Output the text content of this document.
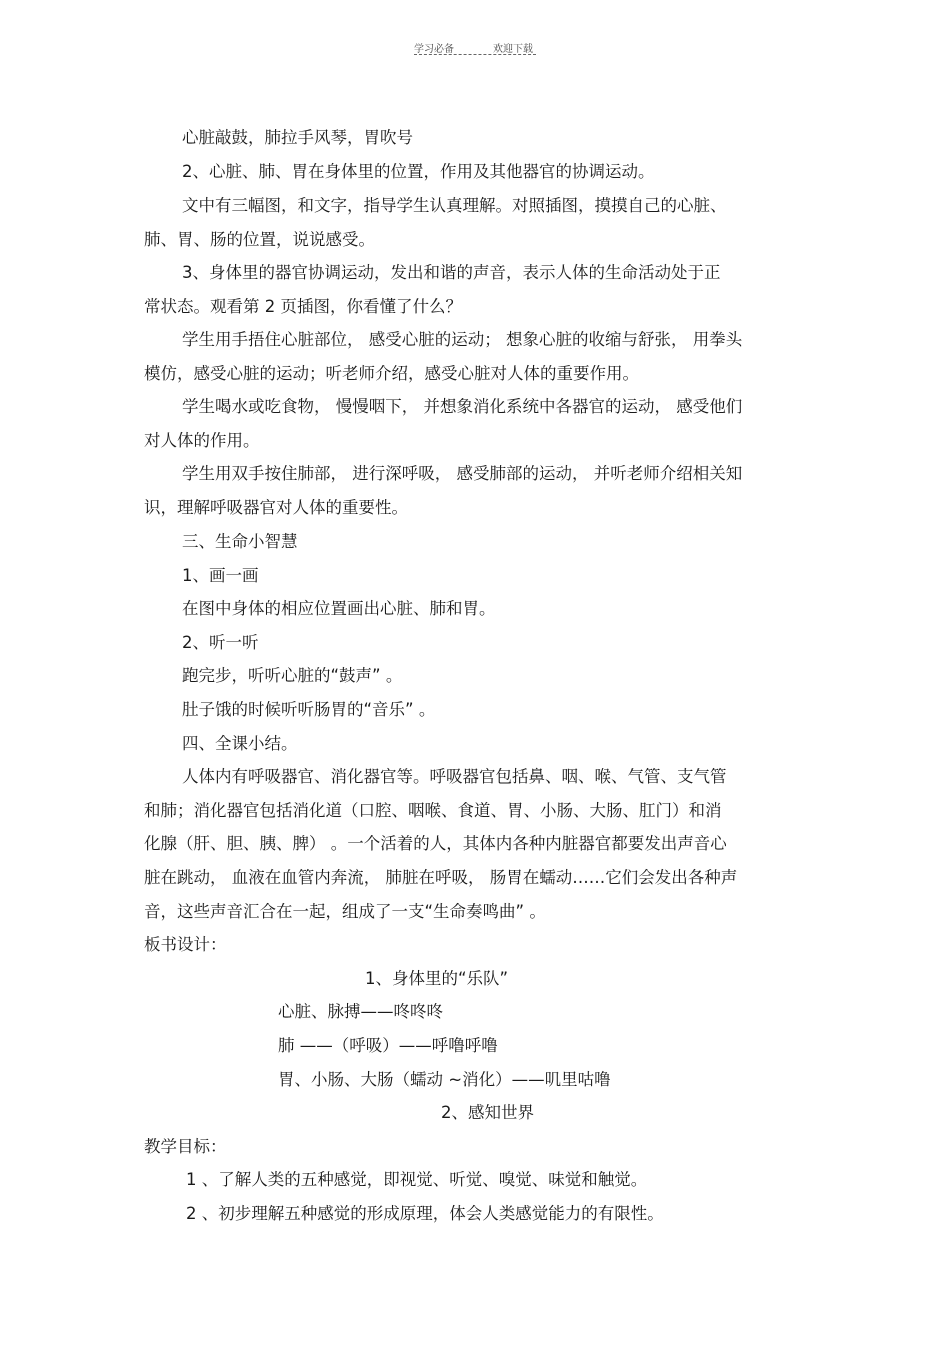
学习必备	欢迎下载
心脏敲鼓，肺拉手风琴，胃吹号
2、心脏、肺、胃在身体里的位置，作用及其他器官的协调运动。
文中有三幅图，和文字，指导学生认真理解。对照插图，摸摸自己的心脏、
肺、胃、肠的位置，说说感受。
3、身体里的器官协调运动，发出和谐的声音，表示人体的生命活动处于正
常状态。观看第 2 页插图，你看懂了什么？
学生用手捂住心脏部位， 感受心脏的运动； 想象心脏的收缩与舒张， 用拳头
模仿，感受心脏的运动；听老师介绍，感受心脏对人体的重要作用。
学生喝水或吃食物， 慢慢咽下， 并想象消化系统中各器官的运动， 感受他们
对人体的作用。
学生用双手按住肺部， 进行深呼吸， 感受肺部的运动， 并听老师介绍相关知
识，理解呼吸器官对人体的重要性。
三、生命小智慧
1、画一画
在图中身体的相应位置画出心脏、肺和胃。
2、听一听
跑完步，听听心脏的“鼓声” 。
肚子饿的时候听听肠胃的“音乐” 。
四、全课小结。
人体内有呼吸器官、消化器官等。呼吸器官包括鼻、咽、喉、气管、支气管
和肺；消化器官包括消化道（口腔、咽喉、食道、胃、小肠、大肠、肛门）和消
化腺（肝、胆、胰、脾） 。一个活着的人，其体内各种内脏器官都要发出声音心
脏在跳动， 血液在血管内奔流， 肺脏在呼吸， 肠胃在蠕动……它们会发出各种声
音，这些声音汇合在一起，组成了一支“生命奏鸣曲” 。
板书设计：
1、身体里的“乐队”
心脏、脉搏——咚咚咚
肺 ——（呼吸）——呼噜呼噜
胃、小肠、大肠（蠕动 ~消化）——叽里咕噜
2、感知世界
教学目标：
1 、了解人类的五种感觉，即视觉、听觉、嗅觉、味觉和触觉。
2 、初步理解五种感觉的形成原理，体会人类感觉能力的有限性。
